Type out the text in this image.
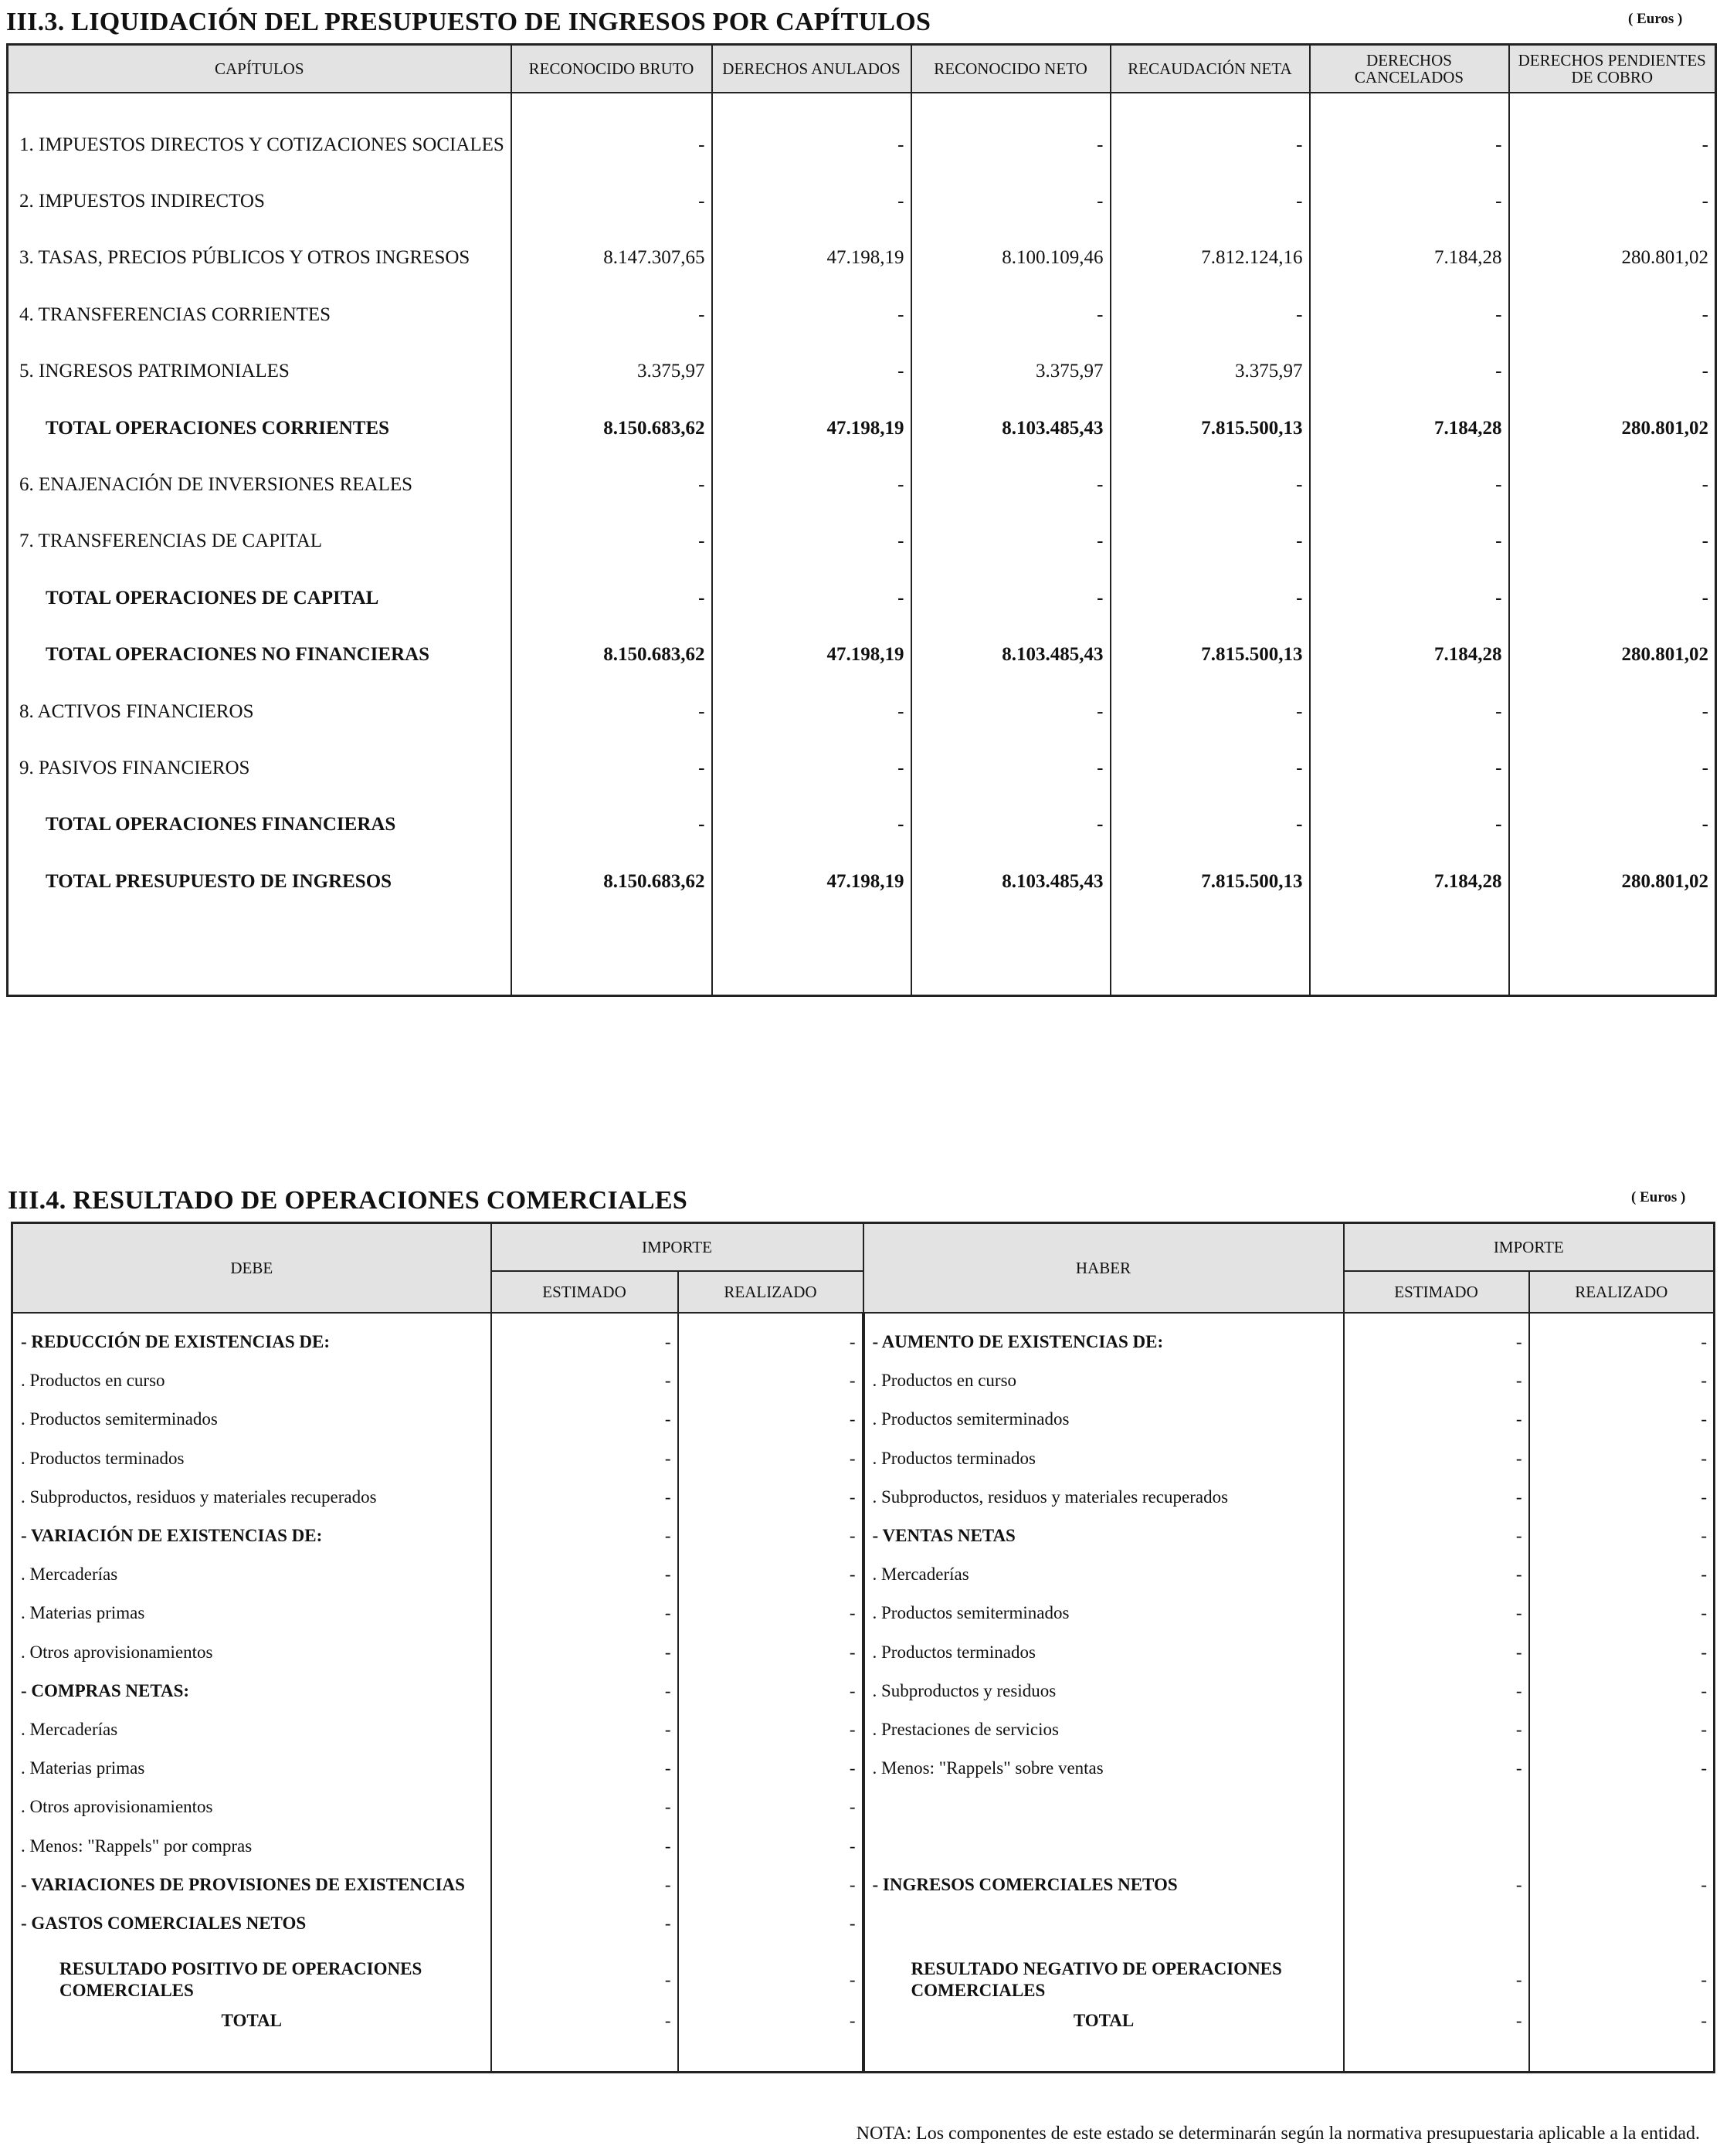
III.3. LIQUIDACIÓN DEL PRESUPUESTO DE INGRESOS POR CAPÍTULOS	( Euros )
CAPÍTULOS	RECONOCIDO BRUTO	DERECHOS ANULADOS	RECONOCIDO NETO	RECAUDACIÓN NETA	DERECHOS CANCELADOS	DERECHOS PENDIENTES DE COBRO
1. IMPUESTOS DIRECTOS Y COTIZACIONES SOCIALES	-	-	-	-	-	-
2. IMPUESTOS INDIRECTOS	-	-	-	-	-	-
3. TASAS, PRECIOS PÚBLICOS Y OTROS INGRESOS	8.147.307,65	47.198,19	8.100.109,46	7.812.124,16	7.184,28	280.801,02
4. TRANSFERENCIAS CORRIENTES	-	-	-	-	-	-
5. INGRESOS PATRIMONIALES	3.375,97	-	3.375,97	3.375,97	-	-
TOTAL OPERACIONES CORRIENTES	8.150.683,62	47.198,19	8.103.485,43	7.815.500,13	7.184,28	280.801,02
6. ENAJENACIÓN DE INVERSIONES REALES	-	-	-	-	-	-
7. TRANSFERENCIAS DE CAPITAL	-	-	-	-	-	-
TOTAL OPERACIONES DE CAPITAL	-	-	-	-	-	-
TOTAL OPERACIONES NO FINANCIERAS	8.150.683,62	47.198,19	8.103.485,43	7.815.500,13	7.184,28	280.801,02
8. ACTIVOS FINANCIEROS	-	-	-	-	-	-
9. PASIVOS FINANCIEROS	-	-	-	-	-	-
TOTAL OPERACIONES FINANCIERAS	-	-	-	-	-	-
TOTAL PRESUPUESTO DE INGRESOS	8.150.683,62	47.198,19	8.103.485,43	7.815.500,13	7.184,28	280.801,02

III.4. RESULTADO DE OPERACIONES COMERCIALES	( Euros )
DEBE	IMPORTE		HABER	IMPORTE	
	ESTIMADO	REALIZADO		ESTIMADO	REALIZADO
- REDUCCIÓN DE EXISTENCIAS DE:	-	-	- AUMENTO DE EXISTENCIAS DE:	-	-
. Productos en curso	-	-	. Productos en curso	-	-
. Productos semiterminados	-	-	. Productos semiterminados	-	-
. Productos terminados	-	-	. Productos terminados	-	-
. Subproductos, residuos y materiales recuperados	-	-	. Subproductos, residuos y materiales recuperados	-	-
- VARIACIÓN DE EXISTENCIAS DE:	-	-	- VENTAS NETAS	-	-
. Mercaderías	-	-	. Mercaderías	-	-
. Materias primas	-	-	. Productos semiterminados	-	-
. Otros aprovisionamientos	-	-	. Productos terminados	-	-
- COMPRAS NETAS:	-	-	. Subproductos y residuos	-	-
. Mercaderías	-	-	. Prestaciones de servicios	-	-
. Materias primas	-	-	. Menos: "Rappels" sobre ventas	-	-
. Otros aprovisionamientos	-	-			
. Menos: "Rappels" por compras	-	-			
- VARIACIONES DE PROVISIONES DE EXISTENCIAS	-	-	- INGRESOS COMERCIALES NETOS	-	-
- GASTOS COMERCIALES NETOS	-	-			

RESULTADO POSITIVO DE OPERACIONES COMERCIALES	-	-	RESULTADO NEGATIVO DE OPERACIONES COMERCIALES	-	-
TOTAL	-	-	TOTAL	-	-

NOTA: Los componentes de este estado se determinarán según la normativa presupuestaria aplicable a la entidad.
